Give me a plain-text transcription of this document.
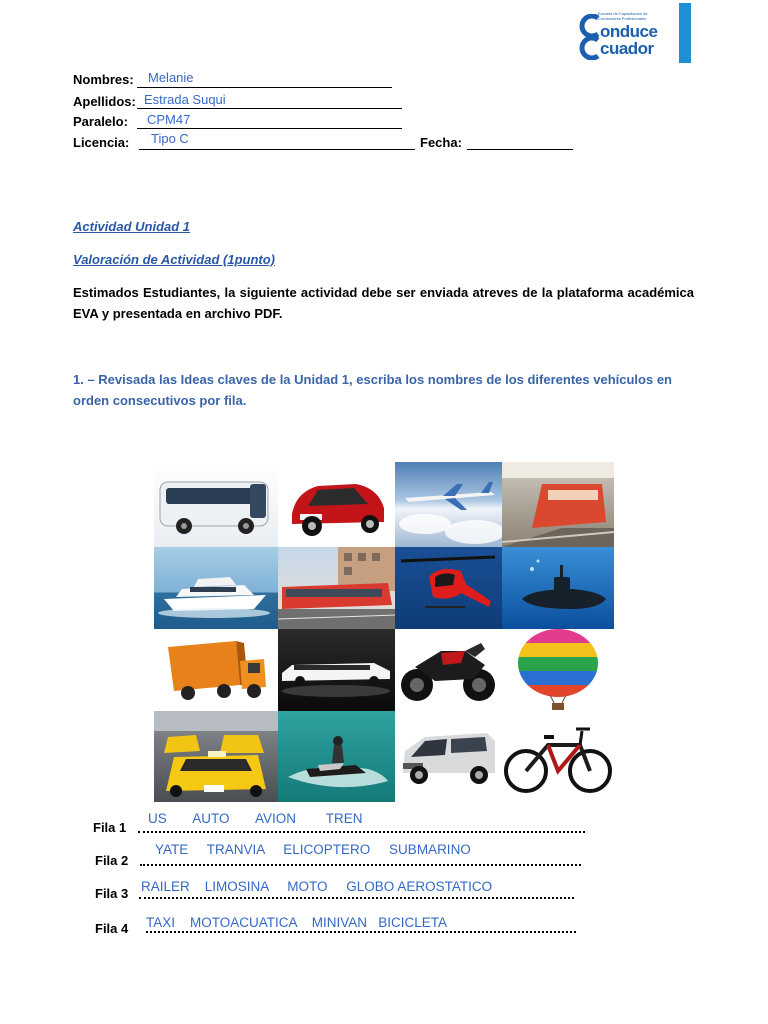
Escuela de Capacitación de Conductores Profesionales
onduce
cuador
Nombres: Melanie
Apellidos: Estrada Suqui
Paralelo: CPM47
Licencia: Tipo C	Fecha:
Actividad Unidad 1
Valoración de Actividad (1punto)
Estimados Estudiantes, la siguiente actividad debe ser enviada atreves de la plataforma académica EVA y presentada en archivo PDF.
1. – Revisada las Ideas claves de la Unidad 1, escriba los nombres de los diferentes vehículos en orden consecutivos por fila.
Fila 1
US       AUTO       AVION        TREN
Fila 2
YATE     TRANVIA     ELICOPTERO     SUBMARINO
Fila 3 RAILER    LIMOSINA     MOTO     GLOBO AEROSTATICO
Fila 4 TAXI    MOTOACUATICA    MINIVAN   BICICLETA
